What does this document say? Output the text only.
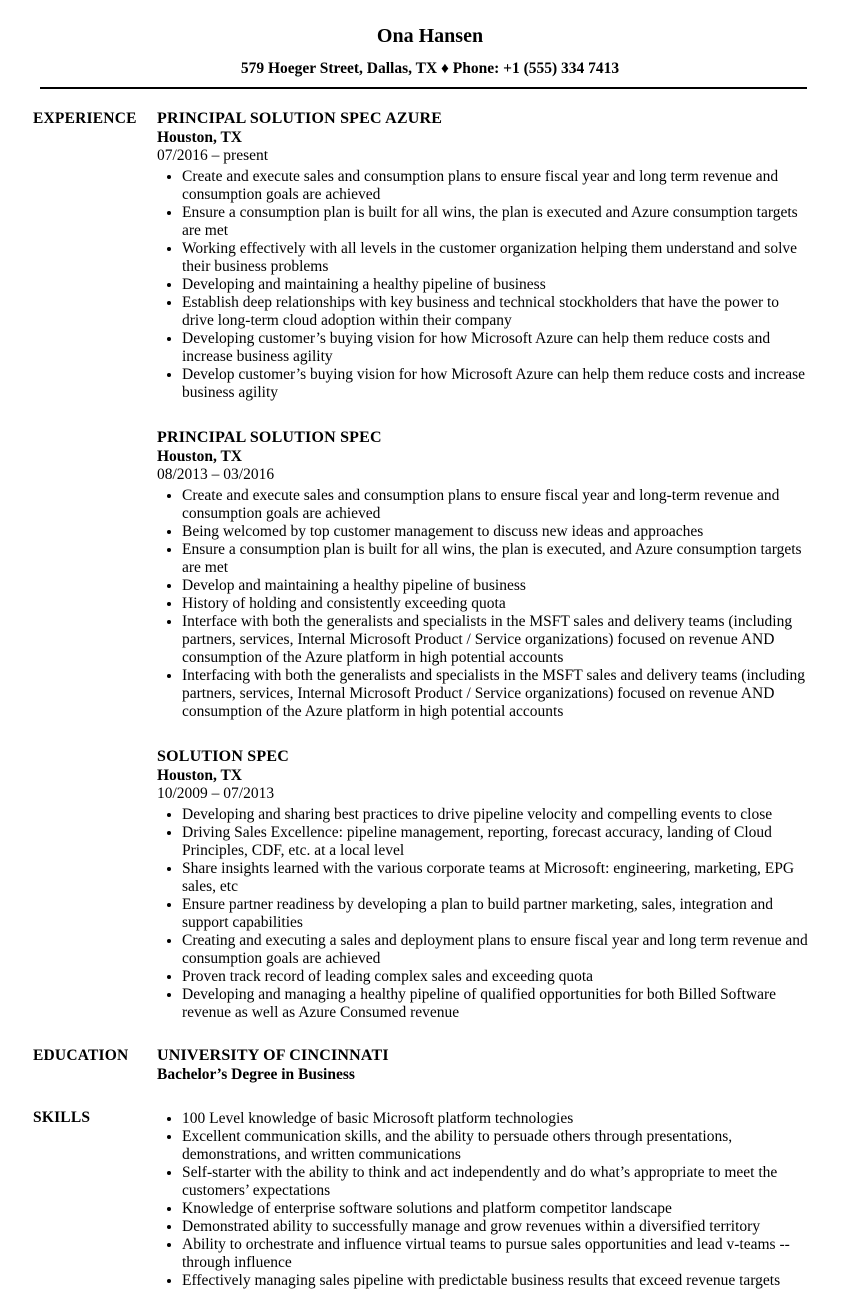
Ona Hansen
579 Hoeger Street, Dallas, TX ♦ Phone: +1 (555) 334 7413
EXPERIENCE	PRINCIPAL SOLUTION SPEC AZURE
Houston, TX
07/2016 – present
• Create and execute sales and consumption plans to ensure fiscal year and long term revenue and consumption goals are achieved
• Ensure a consumption plan is built for all wins, the plan is executed and Azure consumption targets are met
• Working effectively with all levels in the customer organization helping them understand and solve their business problems
• Developing and maintaining a healthy pipeline of business
• Establish deep relationships with key business and technical stockholders that have the power to drive long-term cloud adoption within their company
• Developing customer’s buying vision for how Microsoft Azure can help them reduce costs and increase business agility
• Develop customer’s buying vision for how Microsoft Azure can help them reduce costs and increase business agility
PRINCIPAL SOLUTION SPEC
Houston, TX
08/2013 – 03/2016
• Create and execute sales and consumption plans to ensure fiscal year and long-term revenue and consumption goals are achieved
• Being welcomed by top customer management to discuss new ideas and approaches
• Ensure a consumption plan is built for all wins, the plan is executed, and Azure consumption targets are met
• Develop and maintaining a healthy pipeline of business
• History of holding and consistently exceeding quota
• Interface with both the generalists and specialists in the MSFT sales and delivery teams (including partners, services, Internal Microsoft Product / Service organizations) focused on revenue AND consumption of the Azure platform in high potential accounts
• Interfacing with both the generalists and specialists in the MSFT sales and delivery teams (including partners, services, Internal Microsoft Product / Service organizations) focused on revenue AND consumption of the Azure platform in high potential accounts
SOLUTION SPEC
Houston, TX
10/2009 – 07/2013
• Developing and sharing best practices to drive pipeline velocity and compelling events to close
• Driving Sales Excellence: pipeline management, reporting, forecast accuracy, landing of Cloud Principles, CDF, etc. at a local level
• Share insights learned with the various corporate teams at Microsoft: engineering, marketing, EPG sales, etc
• Ensure partner readiness by developing a plan to build partner marketing, sales, integration and support capabilities
• Creating and executing a sales and deployment plans to ensure fiscal year and long term revenue and consumption goals are achieved
• Proven track record of leading complex sales and exceeding quota
• Developing and managing a healthy pipeline of qualified opportunities for both Billed Software revenue as well as Azure Consumed revenue
EDUCATION	UNIVERSITY OF CINCINNATI
Bachelor’s Degree in Business
SKILLS	• 100 Level knowledge of basic Microsoft platform technologies
• Excellent communication skills, and the ability to persuade others through presentations, demonstrations, and written communications
• Self-starter with the ability to think and act independently and do what’s appropriate to meet the customers’ expectations
• Knowledge of enterprise software solutions and platform competitor landscape
• Demonstrated ability to successfully manage and grow revenues within a diversified territory
• Ability to orchestrate and influence virtual teams to pursue sales opportunities and lead v-teams -- through influence
• Effectively managing sales pipeline with predictable business results that exceed revenue targets
